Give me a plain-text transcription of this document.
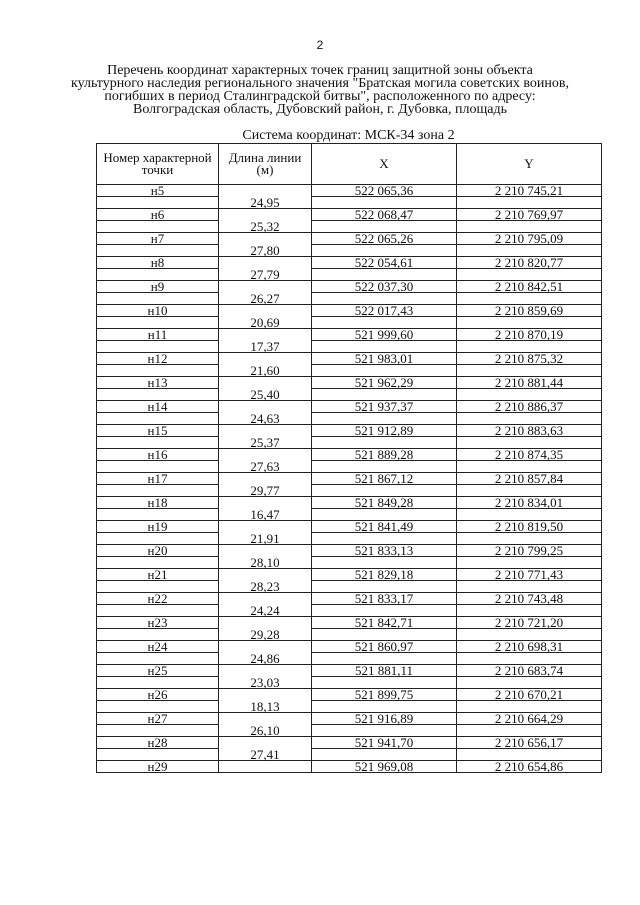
2
Перечень координат характерных точек границ защитной зоны объекта культурного наследия регионального значения "Братская могила советских воинов, погибших в период Сталинградской битвы", расположенного по адресу: Волгоградская область, Дубовский район, г. Дубовка, площадь
Система координат: МСК-34 зона 2
Номер характерной точки	Длина линии (м)	X	Y
н5	24,95	522 065,36	2 210 745,21

н6	25,32	522 068,47	2 210 769,97

н7	27,80	522 065,26	2 210 795,09

н8	27,79	522 054,61	2 210 820,77

н9	26,27	522 037,30	2 210 842,51

н10	20,69	522 017,43	2 210 859,69

н11	17,37	521 999,60	2 210 870,19

н12	21,60	521 983,01	2 210 875,32

н13	25,40	521 962,29	2 210 881,44

н14	24,63	521 937,37	2 210 886,37

н15	25,37	521 912,89	2 210 883,63

н16	27,63	521 889,28	2 210 874,35

н17	29,77	521 867,12	2 210 857,84

н18	16,47	521 849,28	2 210 834,01

н19	21,91	521 841,49	2 210 819,50

н20	28,10	521 833,13	2 210 799,25

н21	28,23	521 829,18	2 210 771,43

н22	24,24	521 833,17	2 210 743,48

н23	29,28	521 842,71	2 210 721,20

н24	24,86	521 860,97	2 210 698,31

н25	23,03	521 881,11	2 210 683,74

н26	18,13	521 899,75	2 210 670,21

н27	26,10	521 916,89	2 210 664,29

н28	27,41	521 941,70	2 210 656,17

н29		521 969,08	2 210 654,86
